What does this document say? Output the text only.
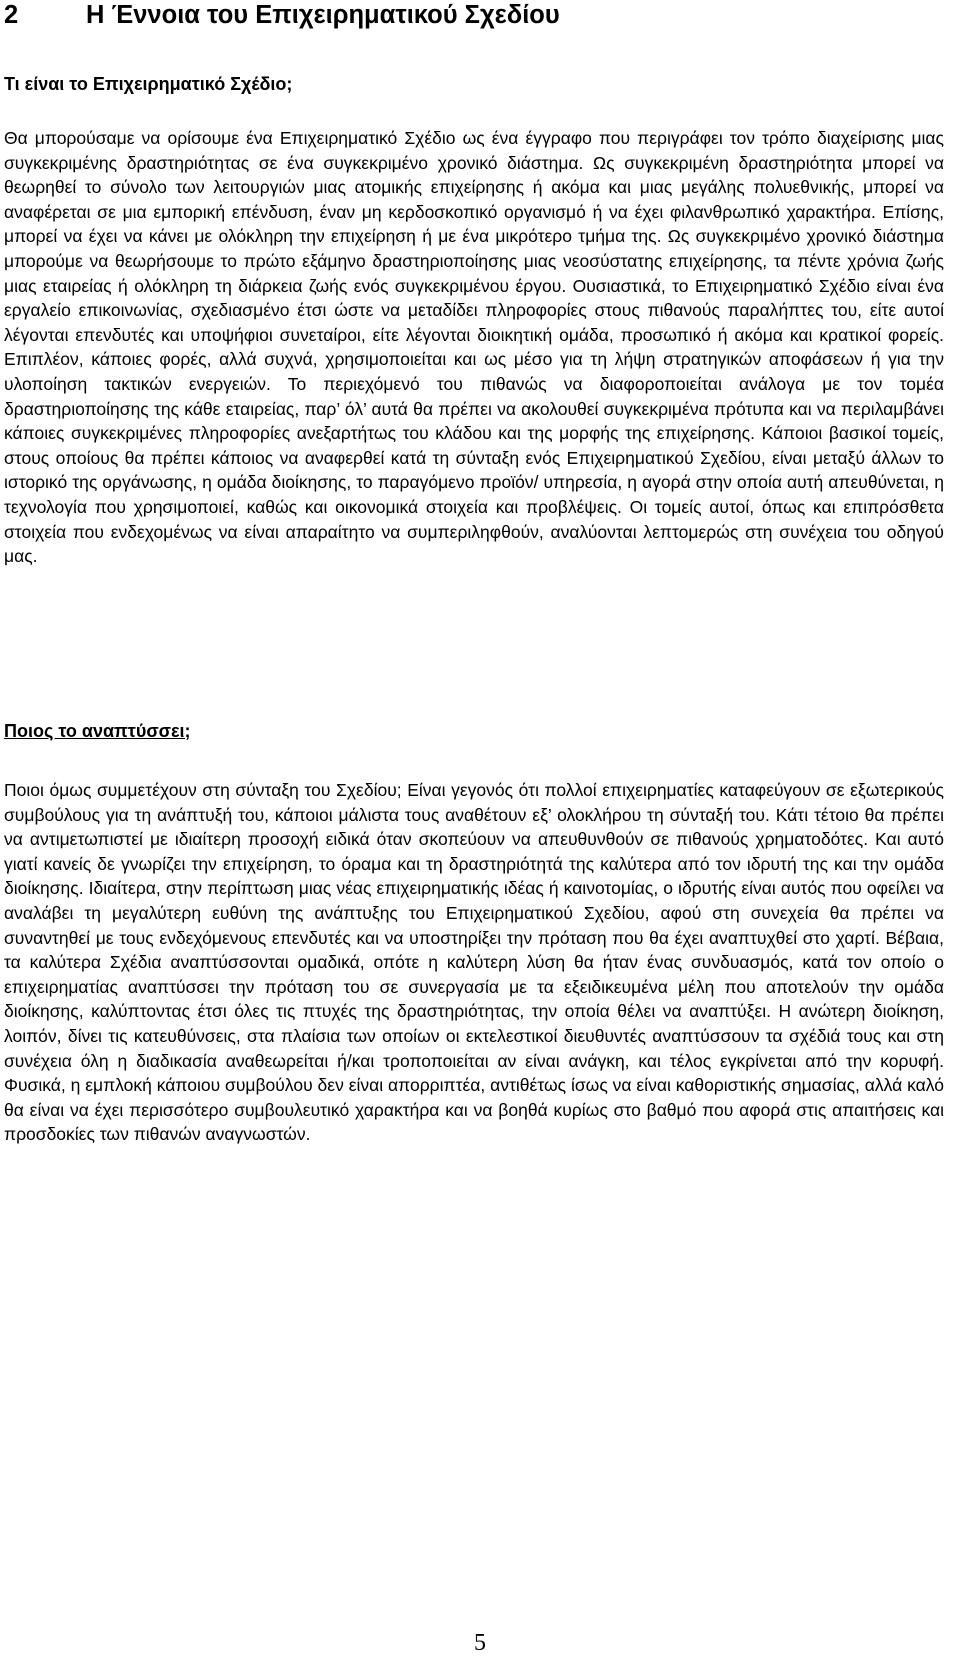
2	Η Έννοια του Επιχειρηματικού Σχεδίου
Τι είναι το Επιχειρηματικό Σχέδιο;

Θα μπορούσαμε να ορίσουμε ένα Επιχειρηματικό Σχέδιο ως ένα έγγραφο που περιγράφει τον τρόπο διαχείρισης μιας συγκεκριμένης δραστηριότητας σε ένα συγκεκριμένο χρονικό διάστημα. Ως συγκεκριμένη δραστηριότητα μπορεί να θεωρηθεί το σύνολο των λειτουργιών μιας ατομικής επιχείρησης ή ακόμα και μιας μεγάλης πολυεθνικής, μπορεί να αναφέρεται σε μια εμπορική επένδυση, έναν μη κερδοσκοπικό οργανισμό ή να έχει φιλανθρωπικό χαρακτήρα. Επίσης, μπορεί να έχει να κάνει με ολόκληρη την επιχείρηση ή με ένα μικρότερο τμήμα της. Ως συγκεκριμένο χρονικό διάστημα μπορούμε να θεωρήσουμε το πρώτο εξάμηνο δραστηριοποίησης μιας νεοσύστατης επιχείρησης, τα πέντε χρόνια ζωής μιας εταιρείας ή ολόκληρη τη διάρκεια ζωής ενός συγκεκριμένου έργου. Ουσιαστικά, το Επιχειρηματικό Σχέδιο είναι ένα εργαλείο επικοινωνίας, σχεδιασμένο έτσι ώστε να μεταδίδει πληροφορίες στους πιθανούς παραλήπτες του, είτε αυτοί λέγονται επενδυτές και υποψήφιοι συνεταίροι, είτε λέγονται διοικητική ομάδα, προσωπικό ή ακόμα και κρατικοί φορείς. Επιπλέον, κάποιες φορές, αλλά συχνά, χρησιμοποιείται και ως μέσο για τη λήψη στρατηγικών αποφάσεων ή για την υλοποίηση τακτικών ενεργειών. Το περιεχόμενό του πιθανώς να διαφοροποιείται ανάλογα με τον τομέα δραστηριοποίησης της κάθε εταιρείας, παρ’ όλ’ αυτά θα πρέπει να ακολουθεί συγκεκριμένα πρότυπα και να περιλαμβάνει κάποιες συγκεκριμένες πληροφορίες ανεξαρτήτως του κλάδου και της μορφής της επιχείρησης. Κάποιοι βασικοί τομείς, στους οποίους θα πρέπει κάποιος να αναφερθεί κατά τη σύνταξη ενός Επιχειρηματικού Σχεδίου, είναι μεταξύ άλλων το ιστορικό της οργάνωσης, η ομάδα διοίκησης, το παραγόμενο προϊόν/ υπηρεσία, η αγορά στην οποία αυτή απευθύνεται, η τεχνολογία που χρησιμοποιεί, καθώς και οικονομικά στοιχεία και προβλέψεις. Οι τομείς αυτοί, όπως και επιπρόσθετα στοιχεία που ενδεχομένως να είναι απαραίτητο να συμπεριληφθούν, αναλύονται λεπτομερώς στη συνέχεια του οδηγού μας.

Ποιος το αναπτύσσει;

Ποιοι όμως συμμετέχουν στη σύνταξη του Σχεδίου; Είναι γεγονός ότι πολλοί επιχειρηματίες καταφεύγουν σε εξωτερικούς συμβούλους για τη ανάπτυξή του, κάποιοι μάλιστα τους αναθέτουν εξ’ ολοκλήρου τη σύνταξή του. Κάτι τέτοιο θα πρέπει να αντιμετωπιστεί με ιδιαίτερη προσοχή ειδικά όταν σκοπεύουν να απευθυνθούν σε πιθανούς χρηματοδότες. Και αυτό γιατί κανείς δε γνωρίζει την επιχείρηση, το όραμα και τη δραστηριότητά της καλύτερα από τον ιδρυτή της και την ομάδα διοίκησης. Ιδιαίτερα, στην περίπτωση μιας νέας επιχειρηματικής ιδέας ή καινοτομίας, ο ιδρυτής είναι αυτός που οφείλει να αναλάβει τη μεγαλύτερη ευθύνη της ανάπτυξης του Επιχειρηματικού Σχεδίου, αφού στη συνεχεία θα πρέπει να συναντηθεί με τους ενδεχόμενους επενδυτές και να υποστηρίξει την πρόταση που θα έχει αναπτυχθεί στο χαρτί. Βέβαια, τα καλύτερα Σχέδια αναπτύσσονται ομαδικά, οπότε η καλύτερη λύση θα ήταν ένας συνδυασμός, κατά τον οποίο ο επιχειρηματίας αναπτύσσει την πρόταση του σε συνεργασία με τα εξειδικευμένα μέλη που αποτελούν την ομάδα διοίκησης, καλύπτοντας έτσι όλες τις πτυχές της δραστηριότητας, την οποία θέλει να αναπτύξει. Η ανώτερη διοίκηση, λοιπόν, δίνει τις κατευθύνσεις, στα πλαίσια των οποίων οι εκτελεστικοί διευθυντές αναπτύσσουν τα σχέδιά τους και στη συνέχεια όλη η διαδικασία αναθεωρείται ή/και τροποποιείται αν είναι ανάγκη, και τέλος εγκρίνεται από την κορυφή. Φυσικά, η εμπλοκή κάποιου συμβούλου δεν είναι απορριπτέα, αντιθέτως ίσως να είναι καθοριστικής σημασίας, αλλά καλό θα είναι να έχει περισσότερο συμβουλευτικό χαρακτήρα και να βοηθά κυρίως στο βαθμό που αφορά στις απαιτήσεις και προσδοκίες των πιθανών αναγνωστών.

5
